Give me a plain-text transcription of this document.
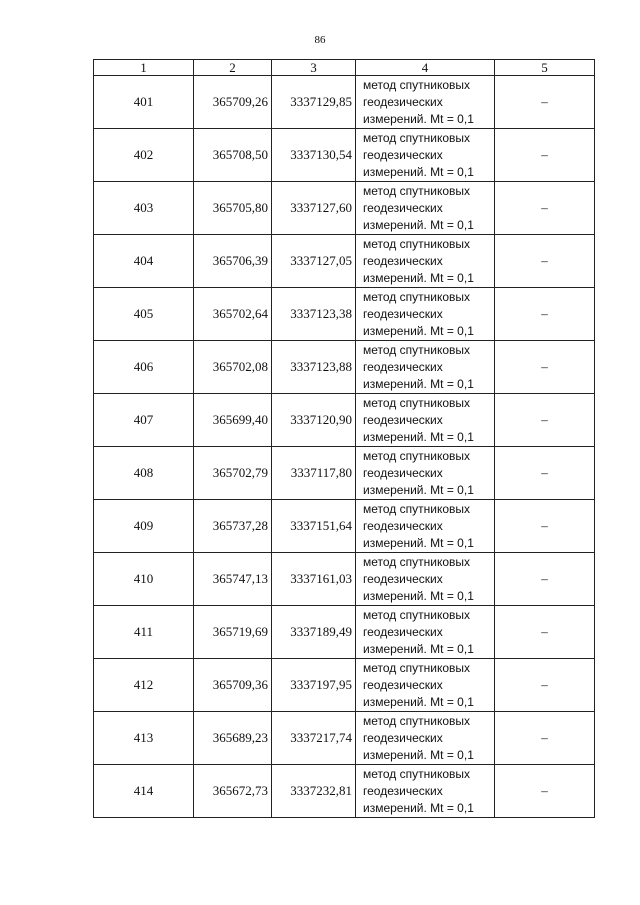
86
1	2	3	4	5
401	365709,26	3337129,85	метод спутниковых
геодезических
измерений. Mt = 0,1	–
402	365708,50	3337130,54	метод спутниковых
геодезических
измерений. Mt = 0,1	–
403	365705,80	3337127,60	метод спутниковых
геодезических
измерений. Mt = 0,1	–
404	365706,39	3337127,05	метод спутниковых
геодезических
измерений. Mt = 0,1	–
405	365702,64	3337123,38	метод спутниковых
геодезических
измерений. Mt = 0,1	–
406	365702,08	3337123,88	метод спутниковых
геодезических
измерений. Mt = 0,1	–
407	365699,40	3337120,90	метод спутниковых
геодезических
измерений. Mt = 0,1	–
408	365702,79	3337117,80	метод спутниковых
геодезических
измерений. Mt = 0,1	–
409	365737,28	3337151,64	метод спутниковых
геодезических
измерений. Mt = 0,1	–
410	365747,13	3337161,03	метод спутниковых
геодезических
измерений. Mt = 0,1	–
411	365719,69	3337189,49	метод спутниковых
геодезических
измерений. Mt = 0,1	–
412	365709,36	3337197,95	метод спутниковых
геодезических
измерений. Mt = 0,1	–
413	365689,23	3337217,74	метод спутниковых
геодезических
измерений. Mt = 0,1	–
414	365672,73	3337232,81	метод спутниковых
геодезических
измерений. Mt = 0,1	–
